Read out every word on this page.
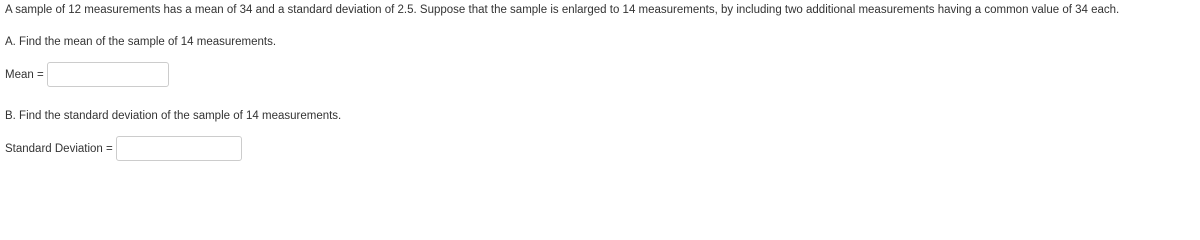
A sample of 12 measurements has a mean of 34 and a standard deviation of 2.5. Suppose that the sample is enlarged to 14 measurements, by including two additional measurements having a common value of 34 each.
A. Find the mean of the sample of 14 measurements.
Mean =
B. Find the standard deviation of the sample of 14 measurements.
Standard Deviation =
